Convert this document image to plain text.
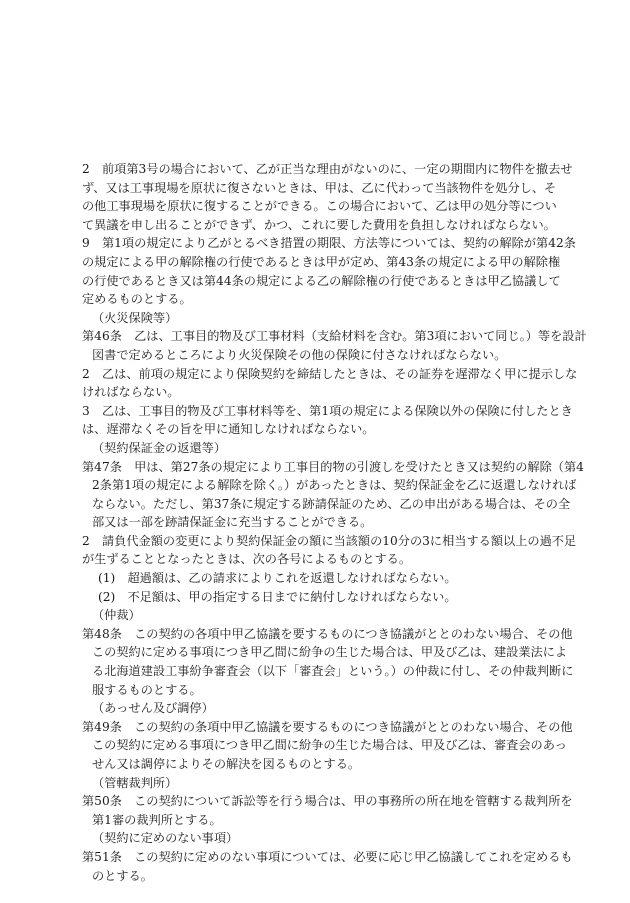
2　前項第3号の場合において、乙が正当な理由がないのに、一定の期間内に物件を撤去せ
ず、又は工事現場を原状に復さないときは、甲は、乙に代わって当該物件を処分し、そ
の他工事現場を原状に復することができる。この場合において、乙は甲の処分等につい
て異議を申し出ることができず、かつ、これに要した費用を負担しなければならない。
9　第1項の規定により乙がとるべき措置の期限、方法等については、契約の解除が第42条
の規定による甲の解除権の行使であるときは甲が定め、第43条の規定による甲の解除権
の行使であるとき又は第44条の規定による乙の解除権の行使であるときは甲乙協議して
定めるものとする。
（火災保険等）
第46条　乙は、工事目的物及び工事材料（支給材料を含む。第3項において同じ。）等を設計
図書で定めるところにより火災保険その他の保険に付さなければならない。
2　乙は、前項の規定により保険契約を締結したときは、その証券を遅滞なく甲に提示しな
ければならない。
3　乙は、工事目的物及び工事材料等を、第1項の規定による保険以外の保険に付したとき
は、遅滞なくその旨を甲に通知しなければならない。
（契約保証金の返還等）
第47条　甲は、第27条の規定により工事目的物の引渡しを受けたとき又は契約の解除（第4
2条第1項の規定による解除を除く。）があったときは、契約保証金を乙に返還しなければ
ならない。ただし、第37条に規定する跡請保証のため、乙の申出がある場合は、その全
部又は一部を跡請保証金に充当することができる。
2　請負代金額の変更により契約保証金の額に当該額の10分の3に相当する額以上の過不足
が生ずることとなったときは、次の各号によるものとする。
(1)　超過額は、乙の請求によりこれを返還しなければならない。
(2)　不足額は、甲の指定する日までに納付しなければならない。
（仲裁）
第48条　この契約の各項中甲乙協議を要するものにつき協議がととのわない場合、その他
この契約に定める事項につき甲乙間に紛争の生じた場合は、甲及び乙は、建設業法によ
る北海道建設工事紛争審査会（以下「審査会」という。）の仲裁に付し、その仲裁判断に
服するものとする。
（あっせん及び調停）
第49条　この契約の条項中甲乙協議を要するものにつき協議がととのわない場合、その他
この契約に定める事項につき甲乙間に紛争の生じた場合は、甲及び乙は、審査会のあっ
せん又は調停によりその解決を図るものとする。
（管轄裁判所）
第50条　この契約について訴訟等を行う場合は、甲の事務所の所在地を管轄する裁判所を
第1審の裁判所とする。
（契約に定めのない事項）
第51条　この契約に定めのない事項については、必要に応じ甲乙協議してこれを定めるも
のとする。
